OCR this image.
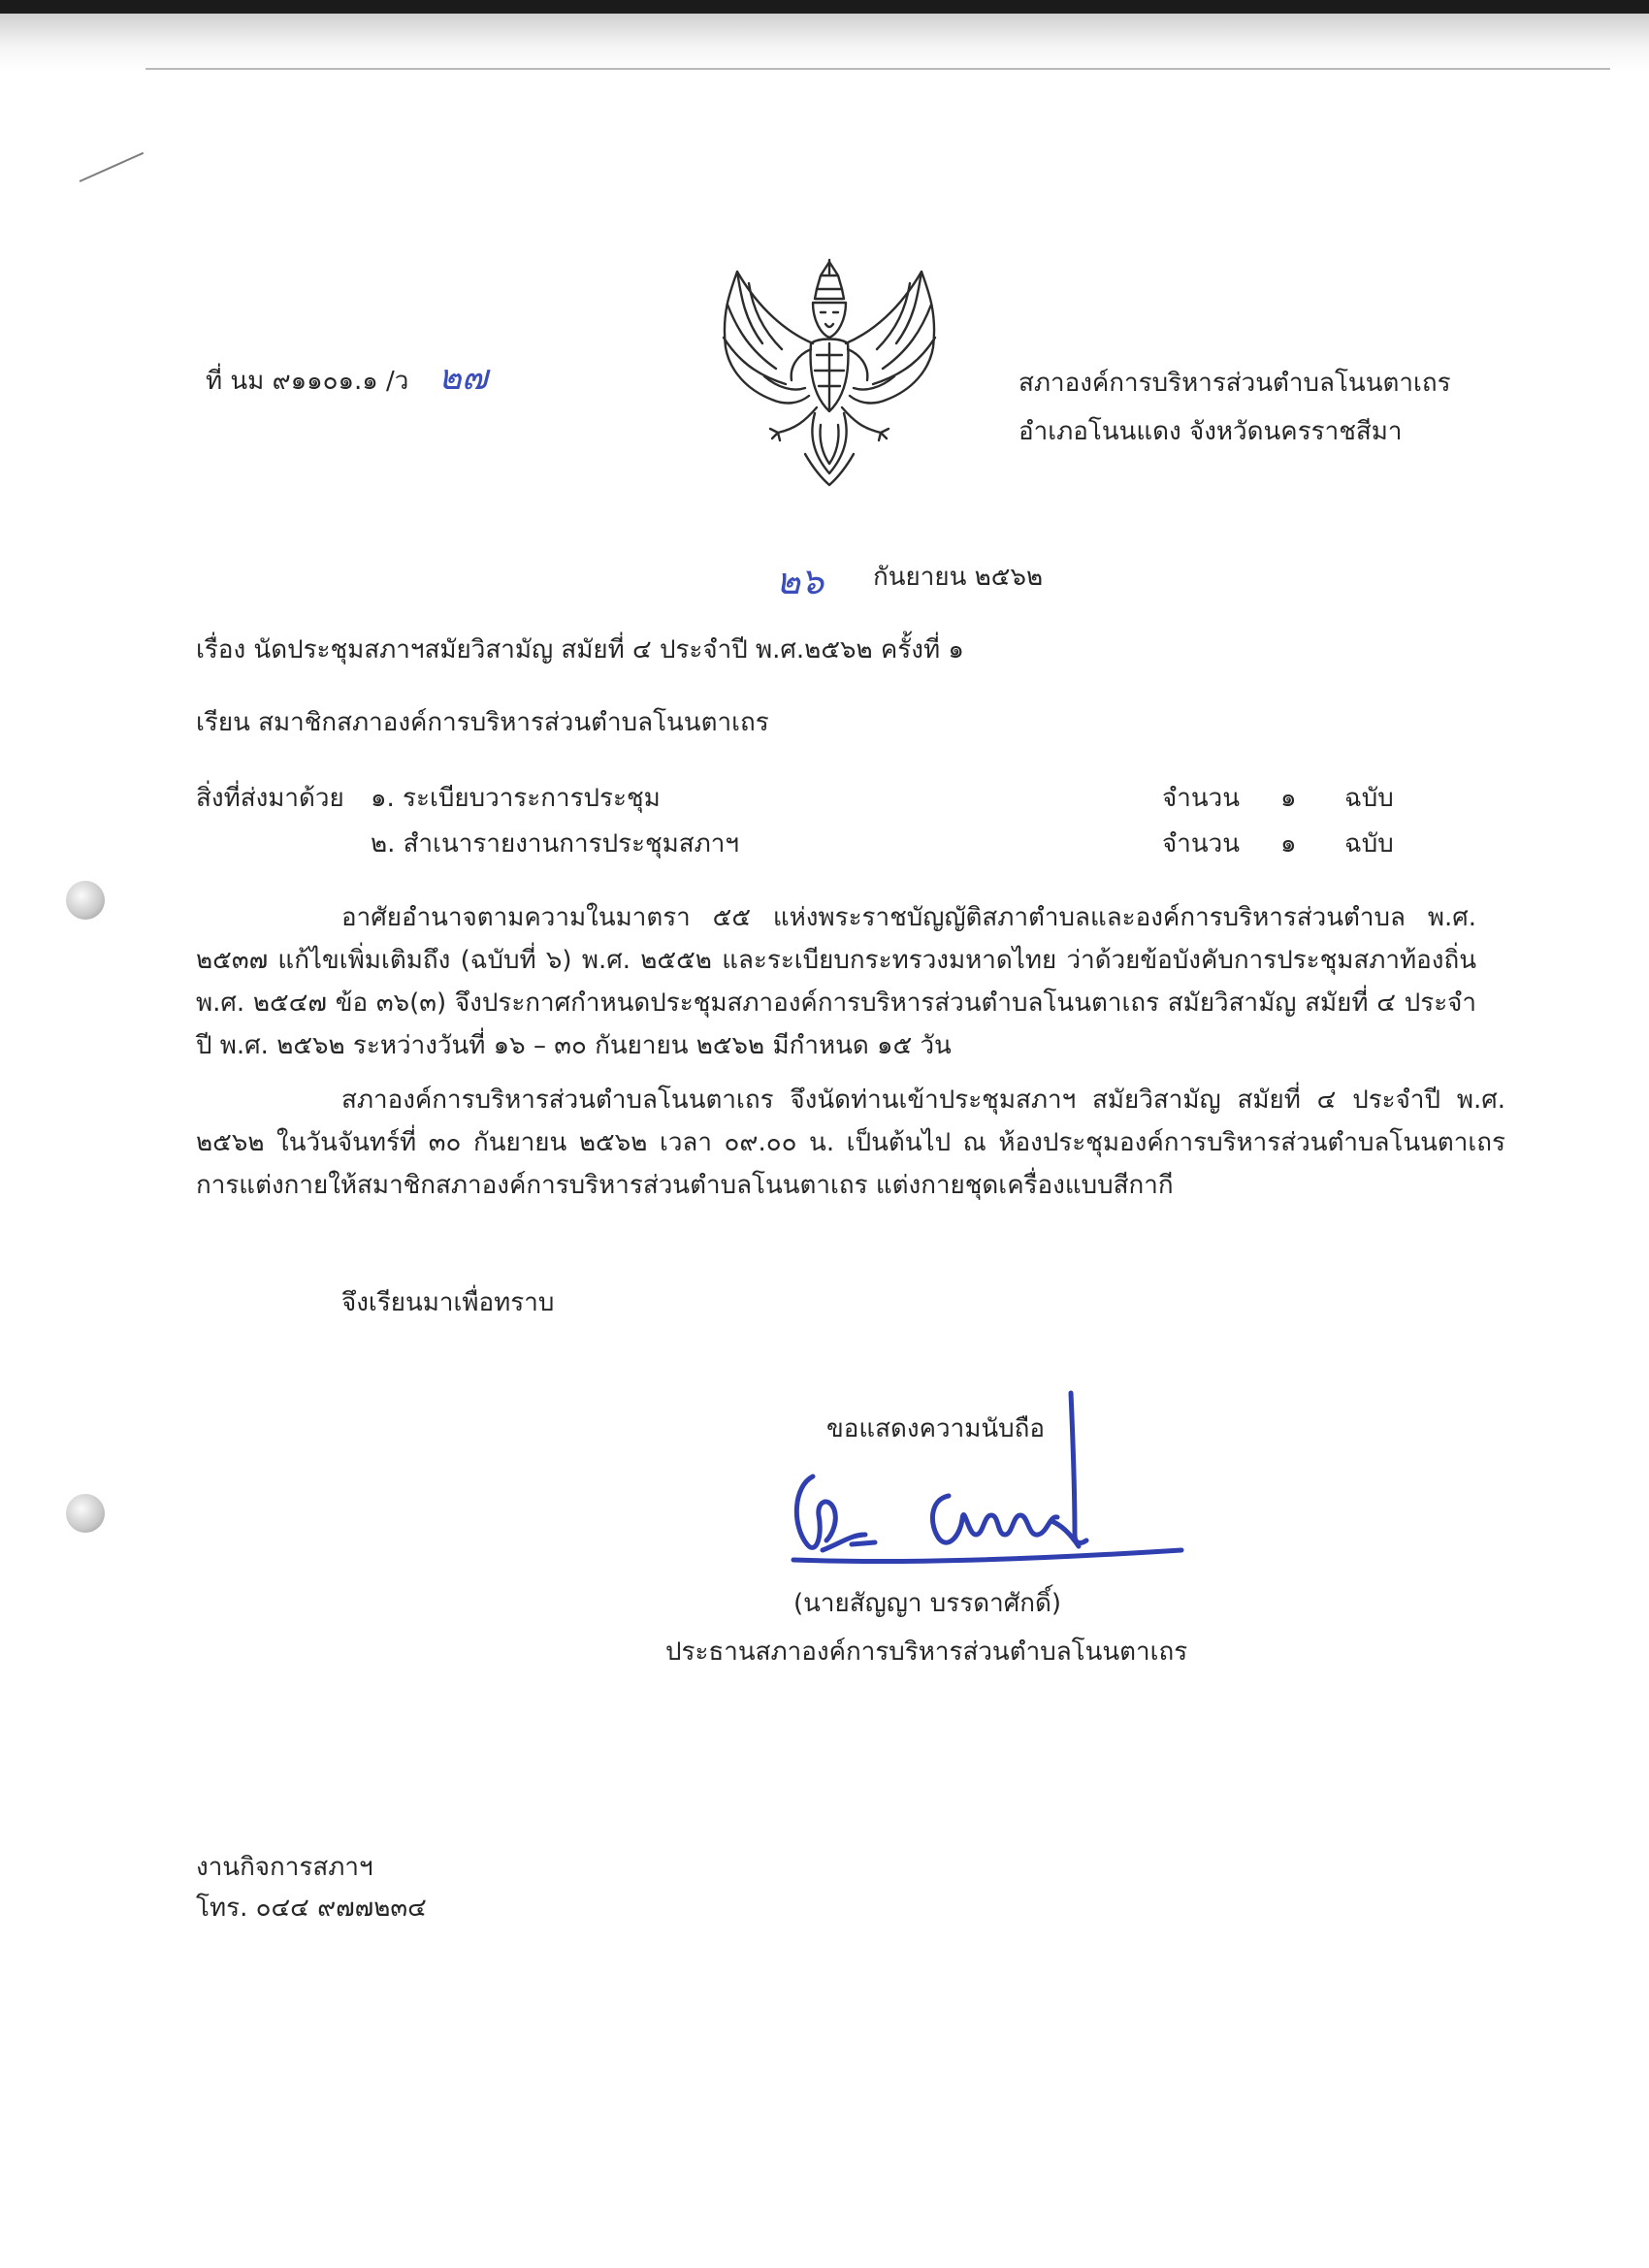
ที่ นม ๙๑๑๐๑.๑ /ว ๒๗	สภาองค์การบริหารส่วนตำบลโนนตาเถร
อำเภอโนนแดง จังหวัดนครราชสีมา
๒๖ กันยายน ๒๕๖๒
เรื่อง นัดประชุมสภาฯสมัยวิสามัญ สมัยที่ ๔ ประจำปี พ.ศ.๒๕๖๒ ครั้งที่ ๑
เรียน สมาชิกสภาองค์การบริหารส่วนตำบลโนนตาเถร
สิ่งที่ส่งมาด้วย ๑. ระเบียบวาระการประชุม	จำนวน ๑ ฉบับ
๒. สำเนารายงานการประชุมสภาฯ	จำนวน ๑ ฉบับ
อาศัยอำนาจตามความในมาตรา ๕๕ แห่งพระราชบัญญัติสภาตำบลและองค์การบริหารส่วนตำบล พ.ศ. ๒๕๓๗ แก้ไขเพิ่มเติมถึง (ฉบับที่ ๖) พ.ศ. ๒๕๕๒ และระเบียบกระทรวงมหาดไทย ว่าด้วยข้อบังคับการประชุมสภาท้องถิ่น พ.ศ. ๒๕๔๗ ข้อ ๓๖(๓) จึงประกาศกำหนดประชุมสภาองค์การบริหารส่วนตำบลโนนตาเถร สมัยวิสามัญ สมัยที่ ๔ ประจำปี พ.ศ. ๒๕๖๒ ระหว่างวันที่ ๑๖ – ๓๐ กันยายน ๒๕๖๒ มีกำหนด ๑๕ วัน
สภาองค์การบริหารส่วนตำบลโนนตาเถร จึงนัดท่านเข้าประชุมสภาฯ สมัยวิสามัญ สมัยที่ ๔ ประจำปี พ.ศ. ๒๕๖๒ ในวันจันทร์ที่ ๓๐ กันยายน ๒๕๖๒ เวลา ๐๙.๐๐ น. เป็นต้นไป ณ ห้องประชุมองค์การบริหารส่วนตำบลโนนตาเถร การแต่งกายให้สมาชิกสภาองค์การบริหารส่วนตำบลโนนตาเถร แต่งกายชุดเครื่องแบบสีกากี
จึงเรียนมาเพื่อทราบ
ขอแสดงความนับถือ
(นายสัญญา บรรดาศักดิ์)
ประธานสภาองค์การบริหารส่วนตำบลโนนตาเถร
งานกิจการสภาฯ
โทร. ๐๔๔ ๙๗๗๒๓๔
